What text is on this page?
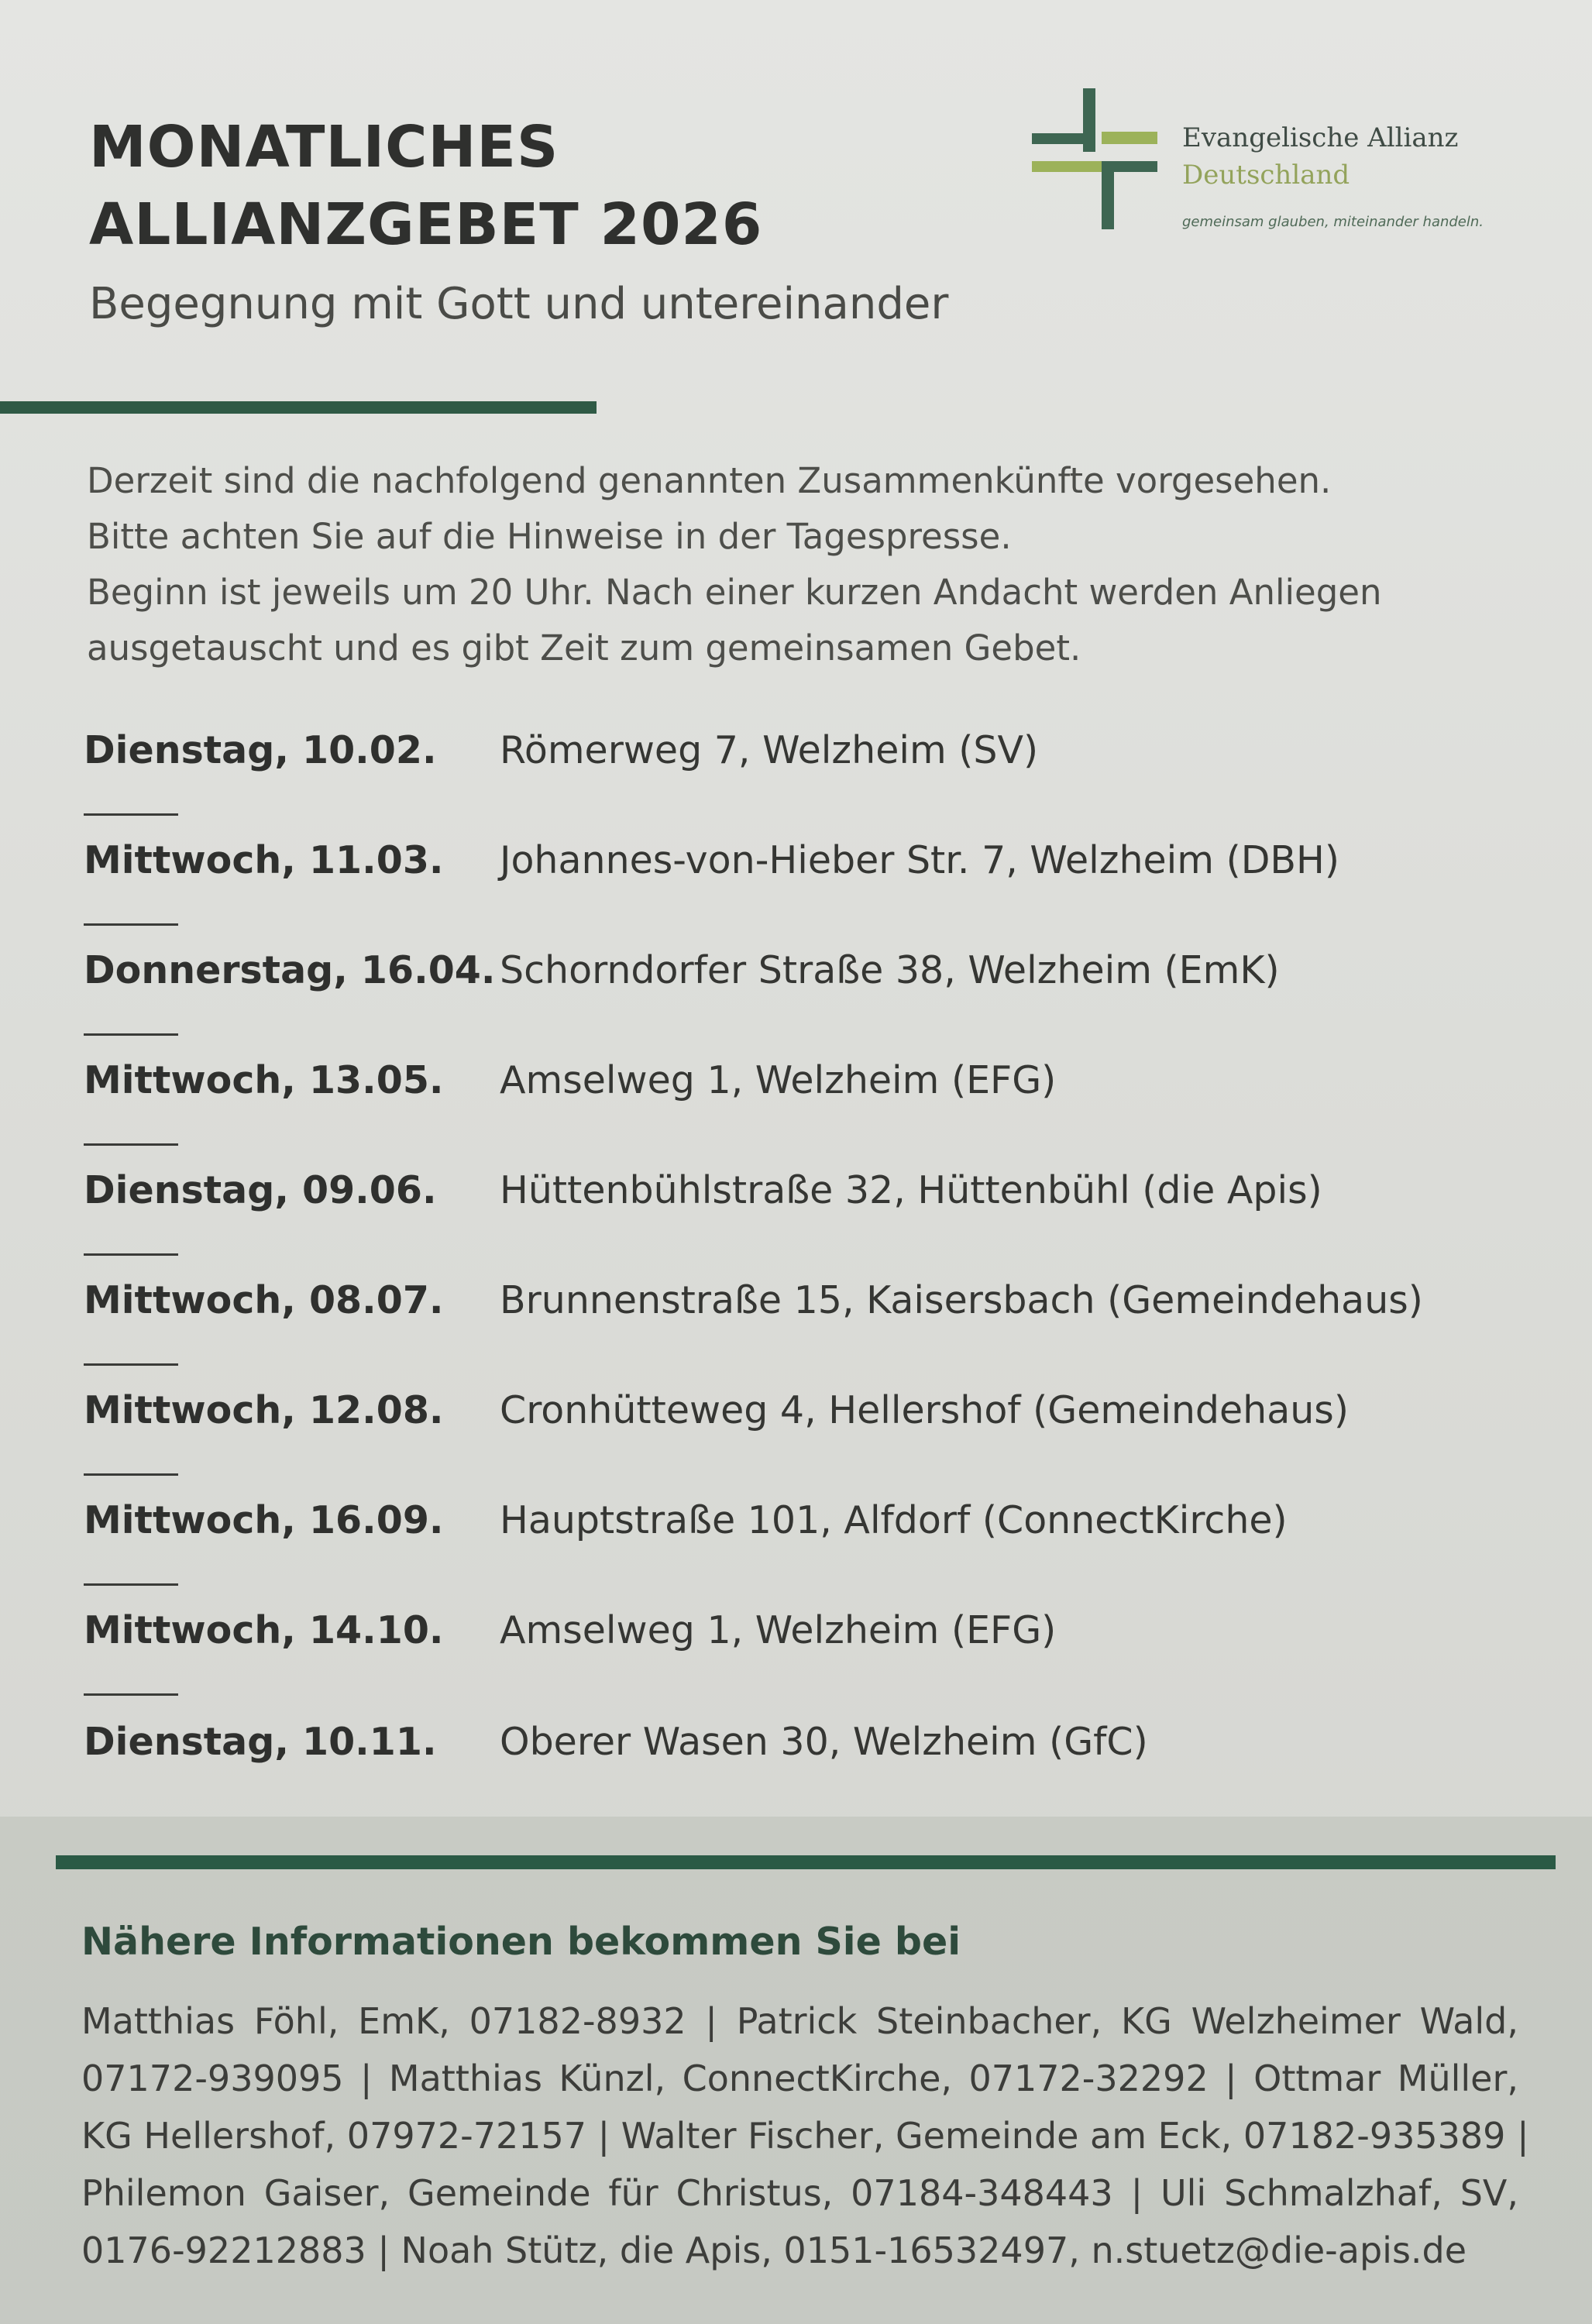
MONATLICHES
ALLIANZGEBET 2026

Begegnung mit Gott und untereinander

Evangelische Allianz
Deutschland
gemeinsam glauben, miteinander handeln.
Derzeit sind die nachfolgend genannten Zusammenkünfte vorgesehen.
Bitte achten Sie auf die Hinweise in der Tagespresse.
Beginn ist jeweils um 20 Uhr. Nach einer kurzen Andacht werden Anliegen
ausgetauscht und es gibt Zeit zum gemeinsamen Gebet.
Dienstag, 10.02. Römerweg 7, Welzheim (SV)
Mittwoch, 11.03. Johannes-von-Hieber Str. 7, Welzheim (DBH)
Donnerstag, 16.04. Schorndorfer Straße 38, Welzheim (EmK)
Mittwoch, 13.05. Amselweg 1, Welzheim (EFG)
Dienstag, 09.06. Hüttenbühlstraße 32, Hüttenbühl (die Apis)
Mittwoch, 08.07. Brunnenstraße 15, Kaisersbach (Gemeindehaus)
Mittwoch, 12.08. Cronhütteweg 4, Hellershof (Gemeindehaus)
Mittwoch, 16.09. Hauptstraße 101, Alfdorf (ConnectKirche)
Mittwoch, 14.10. Amselweg 1, Welzheim (EFG)
Dienstag, 10.11. Oberer Wasen 30, Welzheim (GfC)
Nähere Informationen bekommen Sie bei
Matthias Föhl, EmK, 07182-8932 | Patrick Steinbacher, KG Welzheimer Wald,
07172-939095 | Matthias Künzl, ConnectKirche, 07172-32292 | Ottmar Müller,
KG Hellershof, 07972-72157 | Walter Fischer, Gemeinde am Eck, 07182-935389 |
Philemon Gaiser, Gemeinde für Christus, 07184-348443 | Uli Schmalzhaf, SV,
0176-92212883 | Noah Stütz, die Apis, 0151-16532497, n.stuetz@die-apis.de
